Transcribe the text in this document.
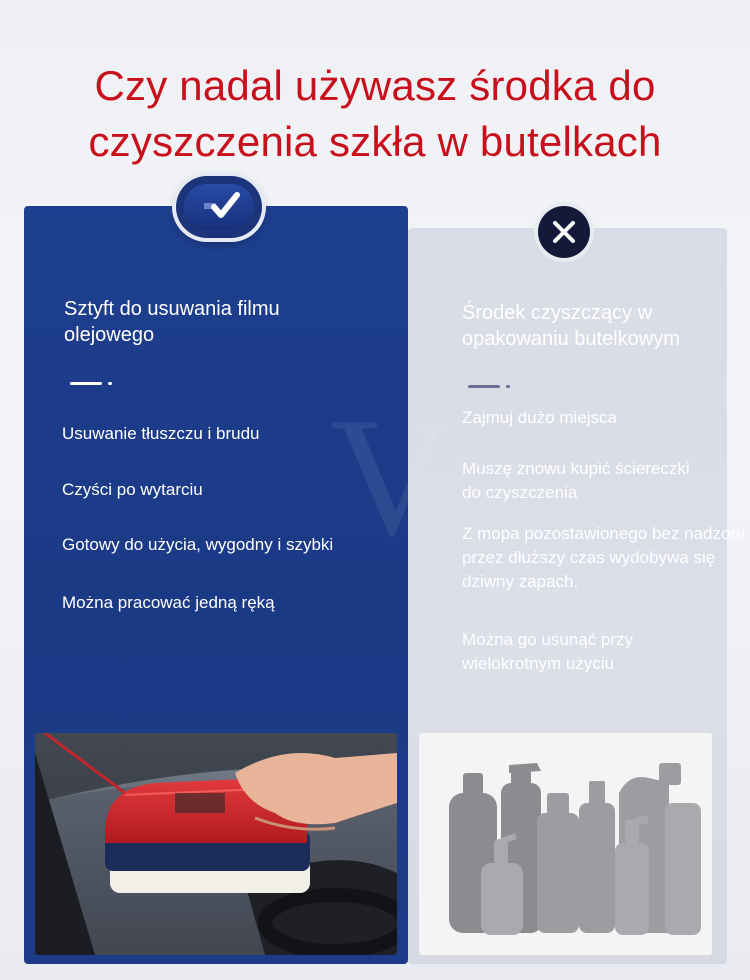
Czy nadal używasz środka do
czyszczenia szkła w butelkach
V
Sztyft do usuwania filmu olejowego
Środek czyszczący w opakowaniu butelkowym

Usuwanie tłuszczu i brudu
Czyści po wytarciu
Gotowy do użycia, wygodny i szybki
Można pracować jedną ręką
Zajmuj dużo miejsca
Muszę znowu kupić ściereczki do czyszczenia
Z mopa pozostawionego bez nadzoru przez dłuższy czas wydobywa się dziwny zapach.
Można go usunąć przy wielokrotnym użyciu
